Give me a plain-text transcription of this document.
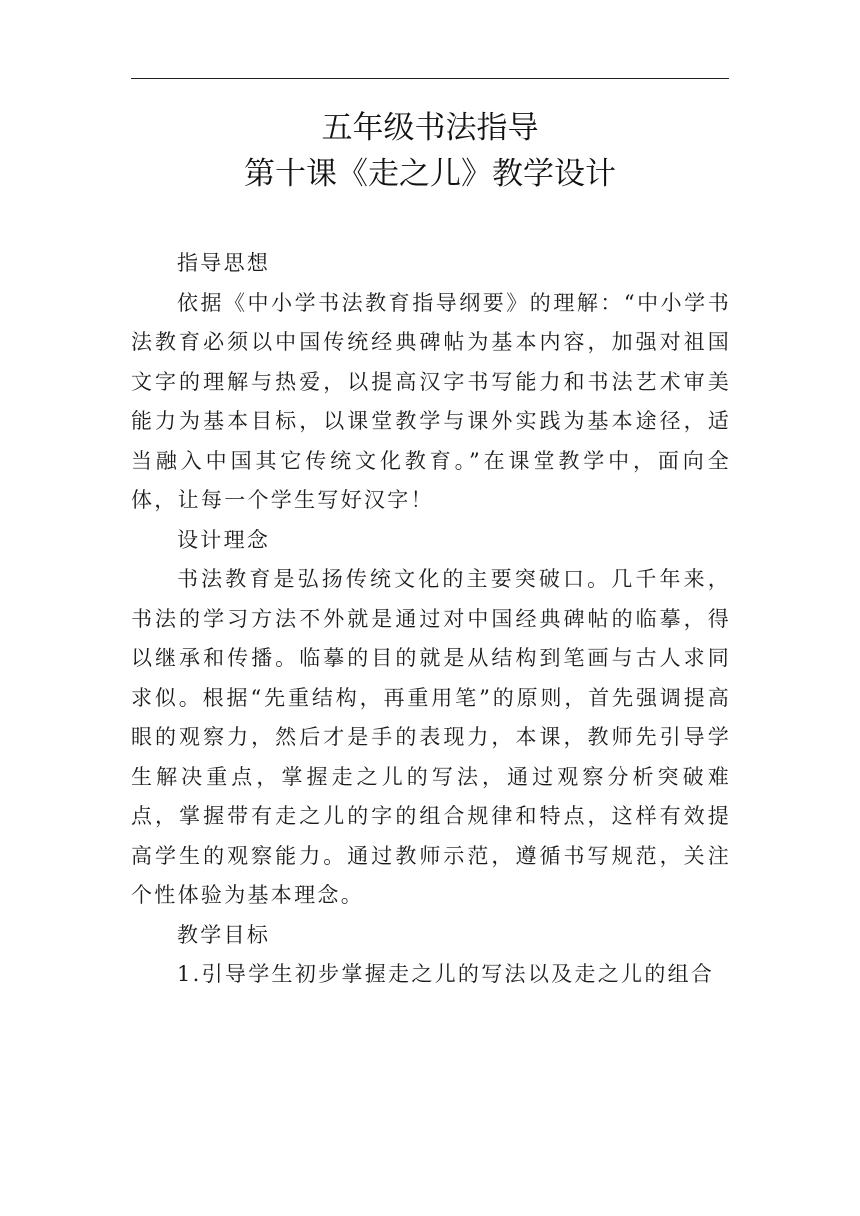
五年级书法指导
第十课《走之儿》教学设计

指导思想

依据《中小学书法教育指导纲要》的理解：“中小学书法教育必须以中国传统经典碑帖为基本内容，加强对祖国文字的理解与热爱，以提高汉字书写能力和书法艺术审美能力为基本目标，以课堂教学与课外实践为基本途径，适当融入中国其它传统文化教育。”在课堂教学中，面向全体，让每一个学生写好汉字！

设计理念

书法教育是弘扬传统文化的主要突破口。几千年来，书法的学习方法不外就是通过对中国经典碑帖的临摹，得以继承和传播。临摹的目的就是从结构到笔画与古人求同求似。根据“先重结构，再重用笔”的原则，首先强调提高眼的观察力，然后才是手的表现力，本课，教师先引导学生解决重点，掌握走之儿的写法，通过观察分析突破难点，掌握带有走之儿的字的组合规律和特点，这样有效提高学生的观察能力。通过教师示范，遵循书写规范，关注个性体验为基本理念。

教学目标

1.引导学生初步掌握走之儿的写法以及走之儿的组合
